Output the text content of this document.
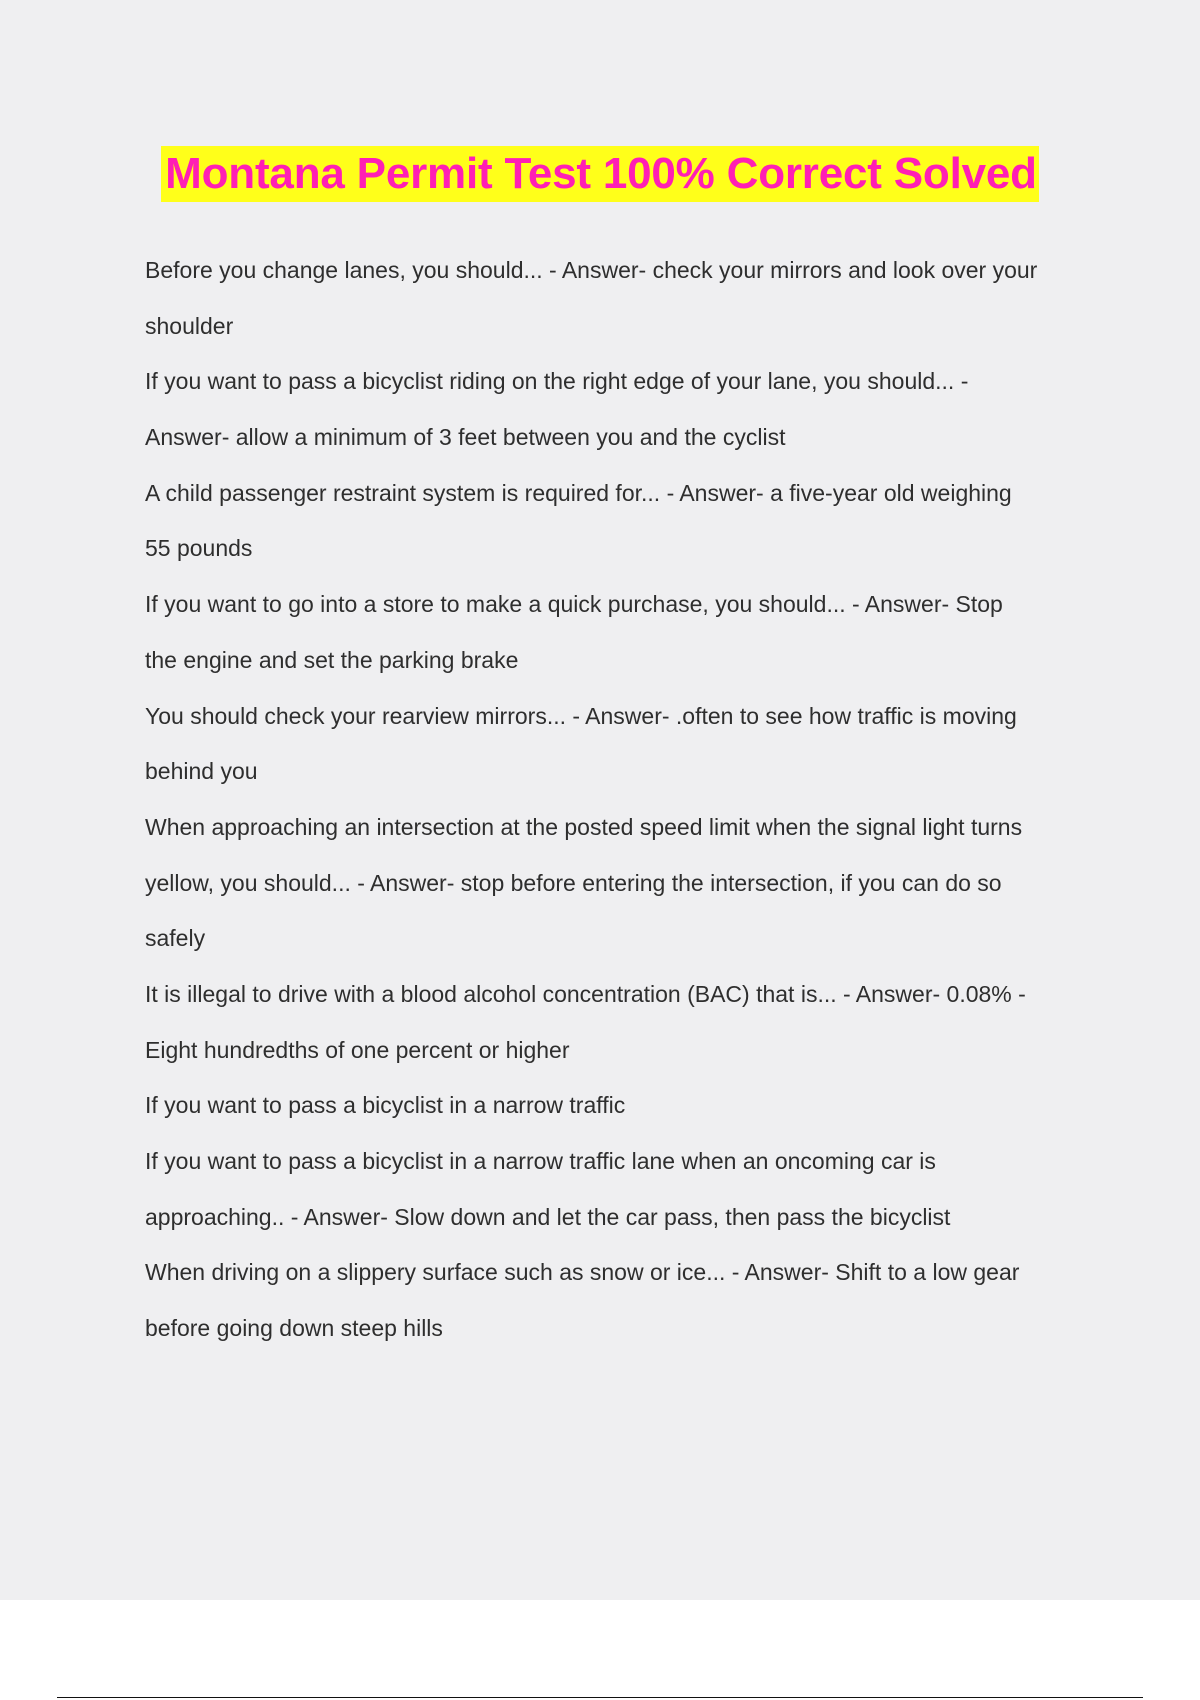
Montana Permit Test 100% Correct Solved

Before you change lanes, you should... - Answer- check your mirrors and look over your

shoulder

If you want to pass a bicyclist riding on the right edge of your lane, you should... -

Answer- allow a minimum of 3 feet between you and the cyclist

A child passenger restraint system is required for... - Answer- a five-year old weighing

55 pounds

If you want to go into a store to make a quick purchase, you should... - Answer- Stop

the engine and set the parking brake

You should check your rearview mirrors... - Answer- .often to see how traffic is moving

behind you

When approaching an intersection at the posted speed limit when the signal light turns

yellow, you should... - Answer- stop before entering the intersection, if you can do so

safely

It is illegal to drive with a blood alcohol concentration (BAC) that is... - Answer- 0.08% -

Eight hundredths of one percent or higher

If you want to pass a bicyclist in a narrow traffic

If you want to pass a bicyclist in a narrow traffic lane when an oncoming car is

approaching.. - Answer- Slow down and let the car pass, then pass the bicyclist

When driving on a slippery surface such as snow or ice... - Answer- Shift to a low gear

before going down steep hills
